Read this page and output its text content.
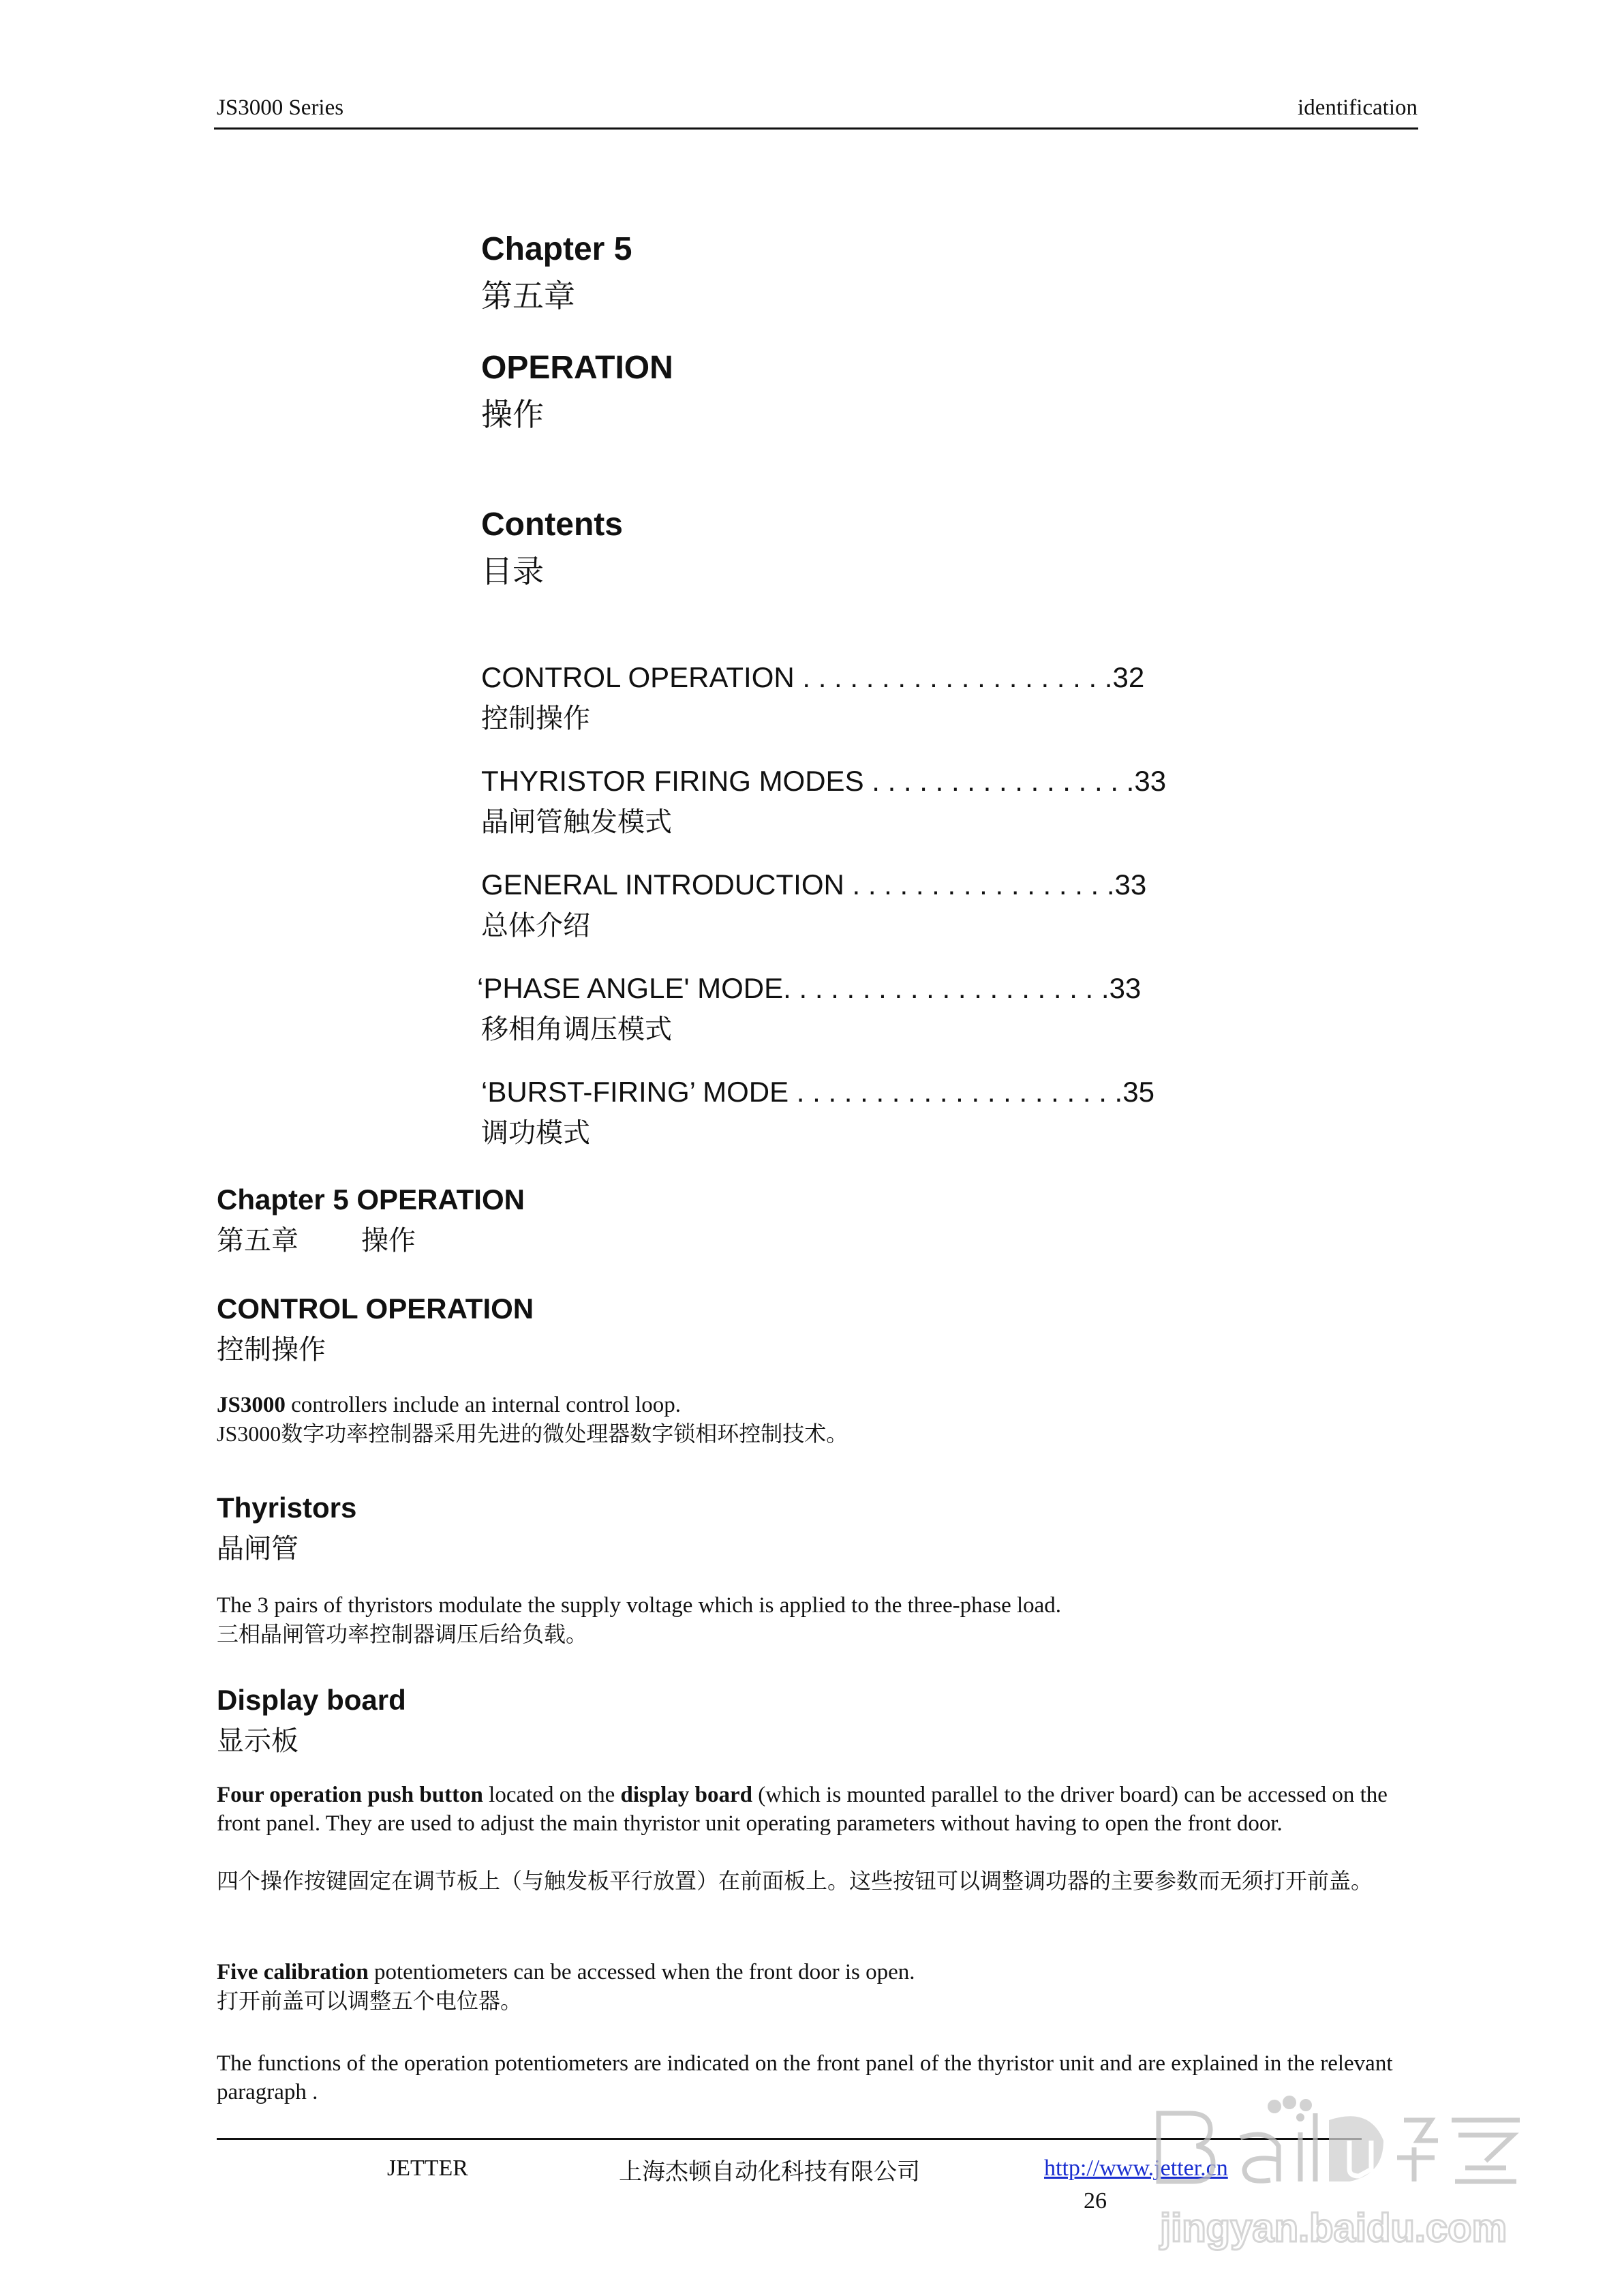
JS3000 Series	identification
Chapter 5
第五章
OPERATION
操作
Contents
目录
CONTROL OPERATION . . . . . . . . . . . . . . . . . . . .32
控制操作
THYRISTOR FIRING MODES . . . . . . . . . . . . . . . . .33
晶闸管触发模式
GENERAL INTRODUCTION . . . . . . . . . . . . . . . . .33
总体介绍
‘PHASE ANGLE' MODE. . . . . . . . . . . . . . . . . . . . .33
移相角调压模式
‘BURST-FIRING’ MODE . . . . . . . . . . . . . . . . . . . . .35
调功模式
Chapter 5 OPERATION
第五章 操作
CONTROL OPERATION
控制操作
JS3000 controllers include an internal control loop.
JS3000数字功率控制器采用先进的微处理器数字锁相环控制技术。
Thyristors
晶闸管
The 3 pairs of thyristors modulate the supply voltage which is applied to the three-phase load.
三相晶闸管功率控制器调压后给负载。
Display board
显示板
Four operation push button located on the display board (which is mounted parallel to the driver board) can be accessed on the front panel. They are used to adjust the main thyristor unit operating parameters without having to open the front door.
四个操作按键固定在调节板上（与触发板平行放置）在前面板上。这些按钮可以调整调功器的主要参数而无须打开前盖。
Five calibration potentiometers can be accessed when the front door is open.
打开前盖可以调整五个电位器。
The functions of the operation potentiometers are indicated on the front panel of the thyristor unit and are explained in the relevant paragraph .
JETTER	上海杰顿自动化科技有限公司	http://www.jetter.cn
26
jingyan.baidu.com
